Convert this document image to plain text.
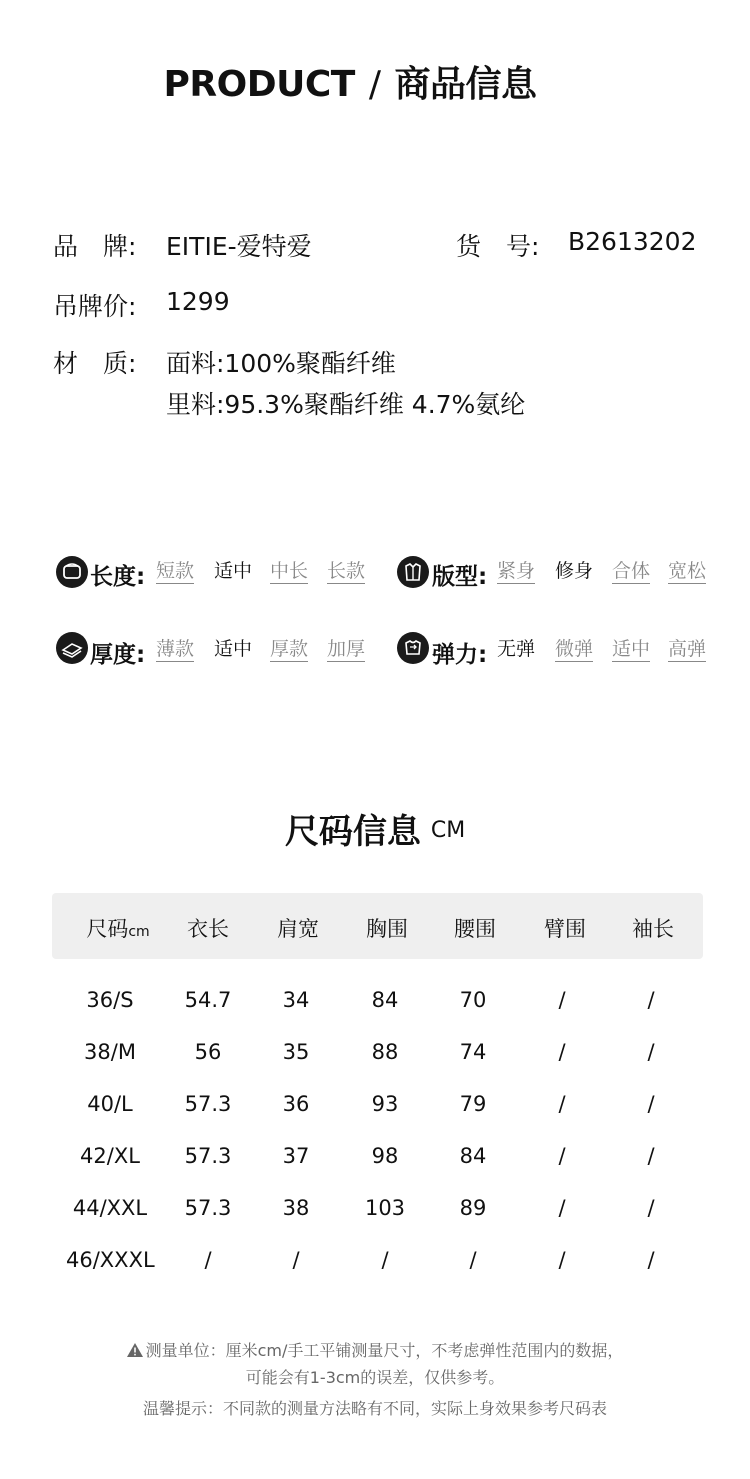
PRODUCT / 商品信息
品　牌: EITIE-爱特爱	货　号: B2613202
吊牌价: 1299
材　质: 面料:100%聚酯纤维
里料:95.3%聚酯纤维 4.7%氨纶
长度: 短款 适中 中长 长款	版型: 紧身 修身 合体 宽松
厚度: 薄款 适中 厚款 加厚	弹力: 无弹 微弹 适中 高弹
尺码信息 CM
尺码cm	衣长	肩宽	胸围	腰围	臂围	袖长
36/S	54.7	34	84	70	/	/
38/M	56	35	88	74	/	/
40/L	57.3	36	93	79	/	/
42/XL	57.3	37	98	84	/	/
44/XXL	57.3	38	103	89	/	/
46/XXXL	/	/	/	/	/	/
测量单位：厘米cm/手工平铺测量尺寸，不考虑弹性范围内的数据，
可能会有1-3cm的误差，仅供参考。
温馨提示：不同款的测量方法略有不同，实际上身效果参考尺码表
